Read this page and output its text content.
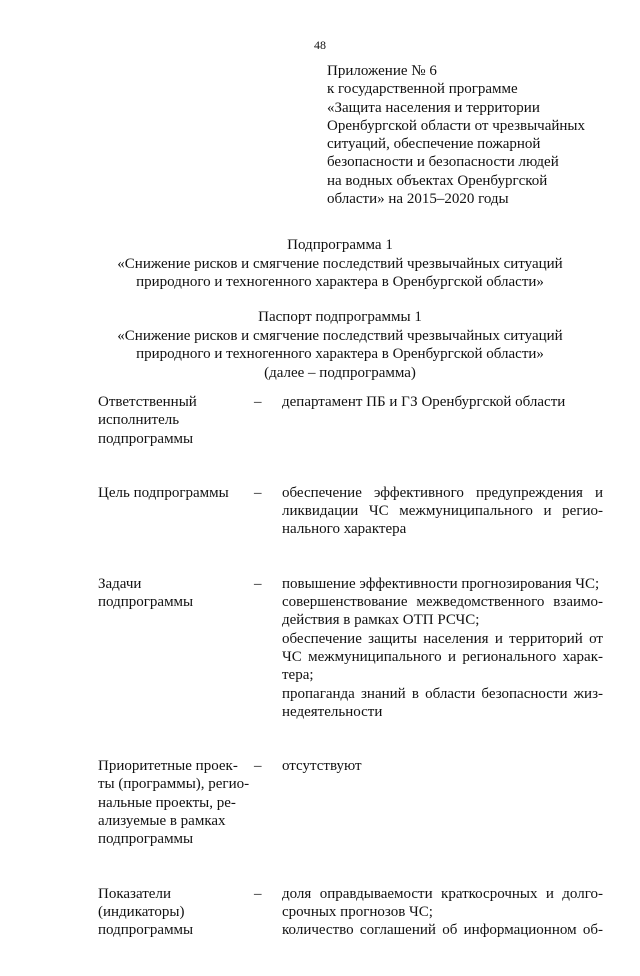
48
Приложение № 6
к государственной программе
«Защита населения и территории
Оренбургской области от чрезвычайных
ситуаций, обеспечение пожарной
безопасности и безопасности людей
на водных объектах Оренбургской
области» на 2015–2020 годы
Подпрограмма 1
«Снижение рисков и смягчение последствий чрезвычайных ситуаций
природного и техногенного характера в Оренбургской области»
Паспорт подпрограммы 1
«Снижение рисков и смягчение последствий чрезвычайных ситуаций
природного и техногенного характера в Оренбургской области»
(далее – подпрограмма)
Ответственный
исполнитель
подпрограммы
–	департамент ПБ и ГЗ Оренбургской области
Цель подпрограммы	–	обеспечение эффективного предупреждения и
ликвидации ЧС межмуниципального и регио-
нального характера
Задачи
подпрограммы
–	повышение эффективности прогнозирования ЧС;
совершенствование межведомственного взаимо-
действия в рамках ОТП РСЧС;
обеспечение защиты населения и территорий от
ЧС межмуниципального и регионального харак-
тера;
пропаганда знаний в области безопасности жиз-
недеятельности
Приоритетные проек-
ты (программы), регио-
нальные проекты, ре-
ализуемые в рамках
подпрограммы
–	отсутствуют
Показатели
(индикаторы)
подпрограммы
–	доля оправдываемости краткосрочных и долго-
срочных прогнозов ЧС;
количество соглашений об информационном об-
